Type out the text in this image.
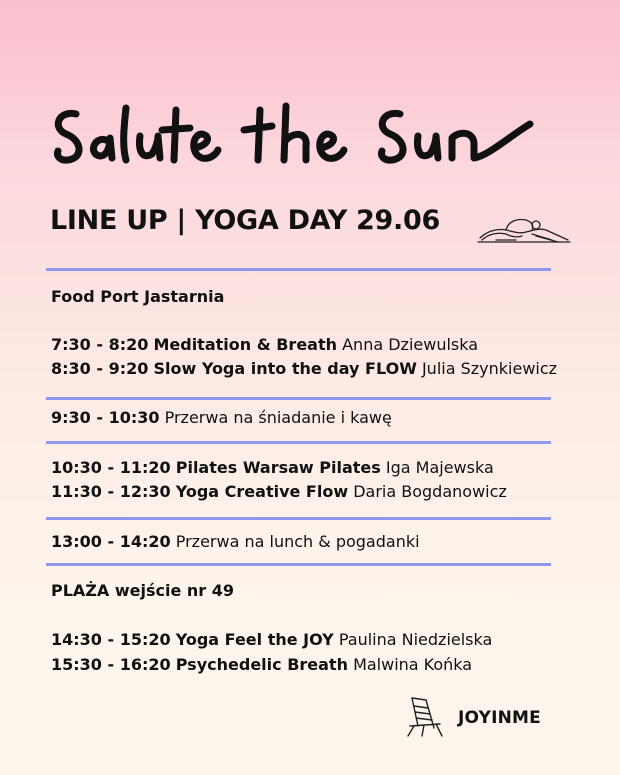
LINE UP | YOGA DAY 29.06
Food Port Jastarnia
7:30 - 8:20 Meditation & Breath Anna Dziewulska
8:30 - 9:20 Slow Yoga into the day FLOW Julia Szynkiewicz
9:30 - 10:30 Przerwa na śniadanie i kawę
10:30 - 11:20 Pilates Warsaw Pilates Iga Majewska
11:30 - 12:30 Yoga Creative Flow Daria Bogdanowicz
13:00 - 14:20 Przerwa na lunch & pogadanki
PLAŻA wejście nr 49
14:30 - 15:20 Yoga Feel the JOY Paulina Niedzielska
15:30 - 16:20 Psychedelic Breath Malwina Końka
JOYINME
